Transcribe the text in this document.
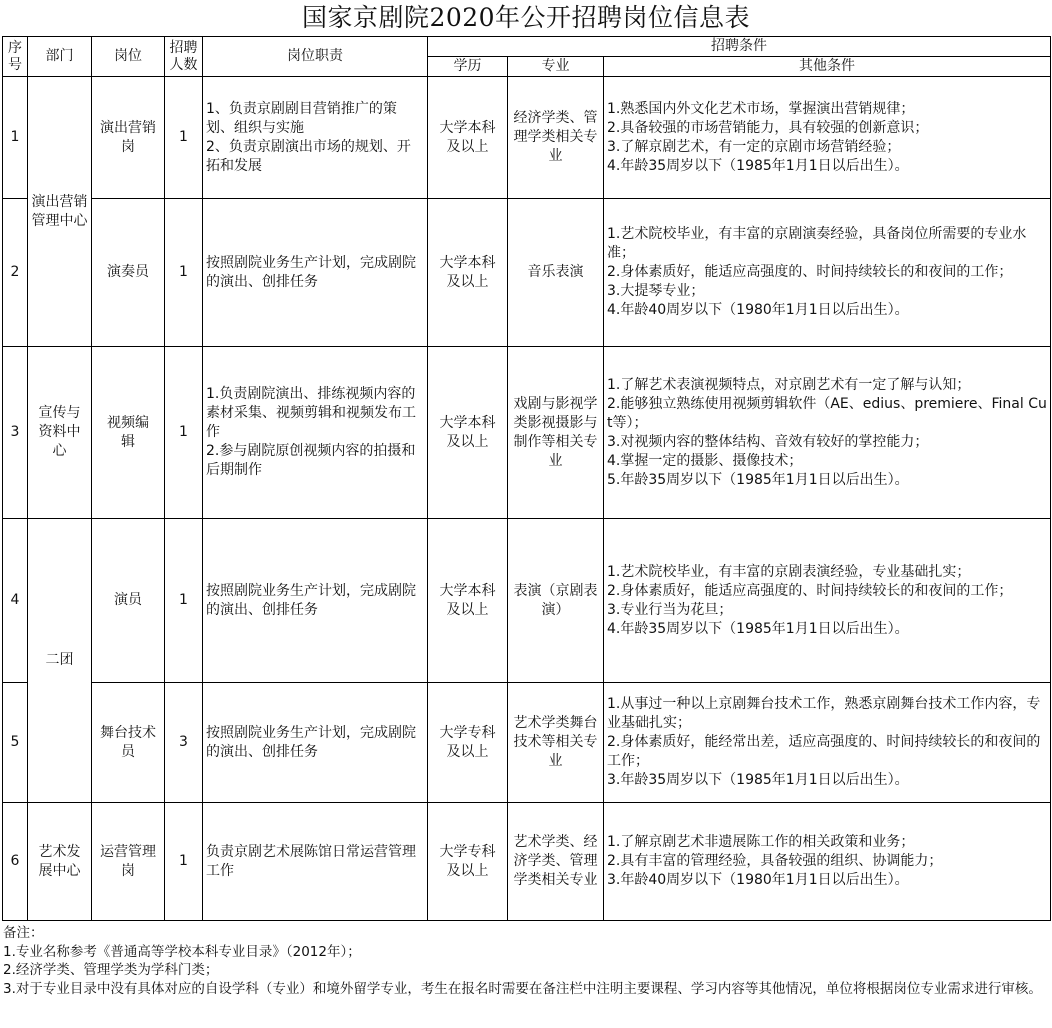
国家京剧院2020年公开招聘岗位信息表
序号	部门	岗位	招聘人数	岗位职责	招聘条件		
					学历	专业	其他条件
1	演出营销管理中心	演出营销岗	1	1、负责京剧剧目营销推广的策划、组织与实施
2、负责京剧演出市场的规划、开拓和发展	大学本科及以上	经济学类、管理学类相关专业	1.熟悉国内外文化艺术市场，掌握演出营销规律；
2.具备较强的市场营销能力，具有较强的创新意识；
3.了解京剧艺术，有一定的京剧市场营销经验；
4.年龄35周岁以下（1985年1月1日以后出生）。
2		演奏员	1	按照剧院业务生产计划，完成剧院的演出、创排任务	大学本科及以上	音乐表演	1.艺术院校毕业，有丰富的京剧演奏经验，具备岗位所需要的专业水准；
2.身体素质好，能适应高强度的、时间持续较长的和夜间的工作；
3.大提琴专业；
4.年龄40周岁以下（1980年1月1日以后出生）。
3	宣传与资料中心	视频编辑	1	1.负责剧院演出、排练视频内容的素材采集、视频剪辑和视频发布工作
2.参与剧院原创视频内容的拍摄和后期制作	大学本科及以上	戏剧与影视学类影视摄影与制作等相关专业	1.了解艺术表演视频特点，对京剧艺术有一定了解与认知；
2.能够独立熟练使用视频剪辑软件（AE、edius、premiere、Final Cut等）；
3.对视频内容的整体结构、音效有较好的掌控能力；
4.掌握一定的摄影、摄像技术；
5.年龄35周岁以下（1985年1月1日以后出生）。
4	二团	演员	1	按照剧院业务生产计划，完成剧院的演出、创排任务	大学本科及以上	表演（京剧表演）	1.艺术院校毕业，有丰富的京剧表演经验，专业基础扎实；
2.身体素质好，能适应高强度的、时间持续较长的和夜间的工作；
3.专业行当为花旦；
4.年龄35周岁以下（1985年1月1日以后出生）。
5		舞台技术员	3	按照剧院业务生产计划，完成剧院的演出、创排任务	大学专科及以上	艺术学类舞台技术等相关专业	1.从事过一种以上京剧舞台技术工作，熟悉京剧舞台技术工作内容，专业基础扎实；
2.身体素质好，能经常出差，适应高强度的、时间持续较长的和夜间的工作；
3.年龄35周岁以下（1985年1月1日以后出生）。
6	艺术发展中心	运营管理岗	1	负责京剧艺术展陈馆日常运营管理工作	大学专科及以上	艺术学类、经济学类、管理学类相关专业	1.了解京剧艺术非遗展陈工作的相关政策和业务；
2.具有丰富的管理经验，具备较强的组织、协调能力；
3.年龄40周岁以下（1980年1月1日以后出生）。
备注：
1.专业名称参考《普通高等学校本科专业目录》（2012年）；
2.经济学类、管理学类为学科门类；
3.对于专业目录中没有具体对应的自设学科（专业）和境外留学专业，考生在报名时需要在备注栏中注明主要课程、学习内容等其他情况，单位将根据岗位专业需求进行审核。
